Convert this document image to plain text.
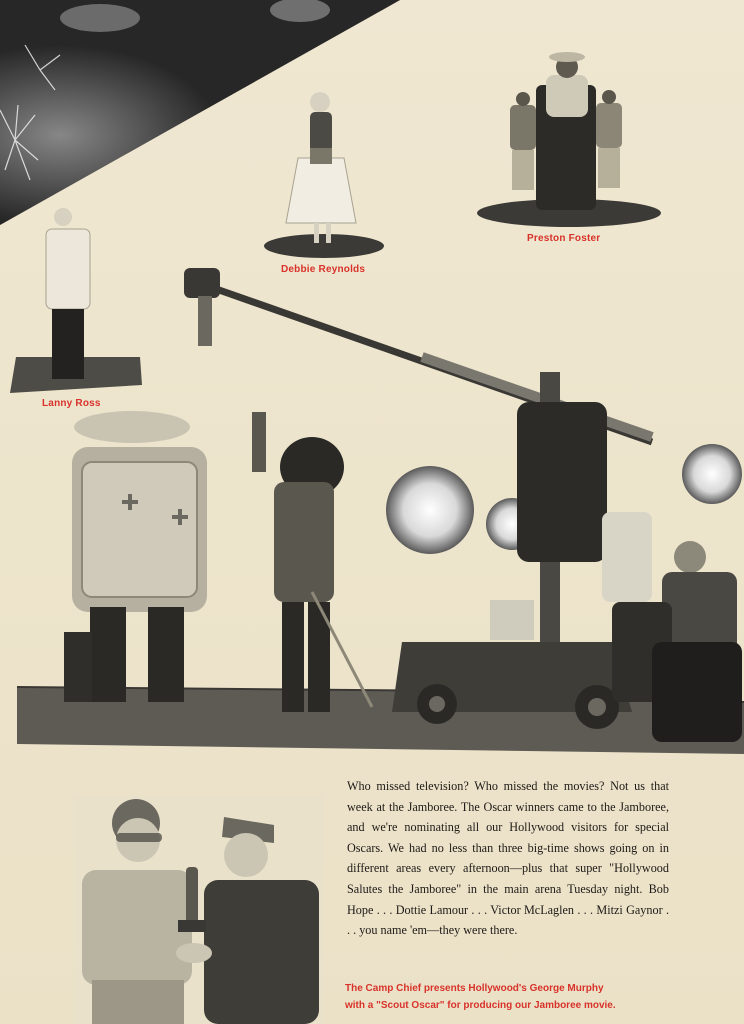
Preston Foster
Debbie Reynolds
Lanny Ross
Who missed television? Who missed the movies? Not us that week at the Jamboree. The Oscar winners came to the Jamboree, and we're nominating all our Hollywood visitors for special Oscars. We had no less than three big-time shows going on in different areas every afternoon—plus that super "Hollywood Salutes the Jamboree" in the main arena Tuesday night. Bob Hope . . . Dottie Lamour . . . Victor McLaglen . . . Mitzi Gaynor . . . you name 'em—they were there.
The Camp Chief presents Hollywood's George Murphy
with a "Scout Oscar" for producing our Jamboree movie.
